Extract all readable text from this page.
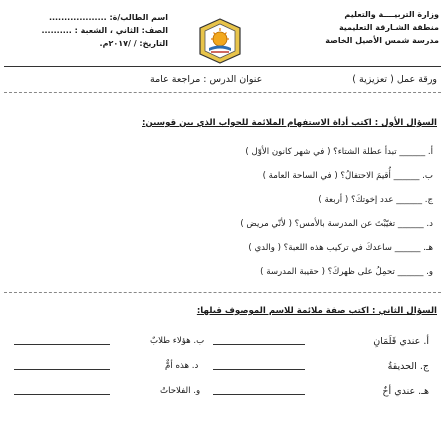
وزارة التربيــــة والتعليم
منطقة الشـارقة التعليمية
مدرسة شمس الأصيل الخاصة
اسم الطالب/ة: ...................
الصف: الثاني ، الشعبة : ..........
التاريخ: / /٢٠١٧م.
ورقة عمل ( تعزيزية )
عنوان الدرس : مراجعة عامة
السؤال الأول : اكتب أداة الاستفهام الملائمة للجواب الذي بين قوسين:
أ. ______ تبدأ عطلة الشتاء؟ ( في شهر كانون الأوّل )
ب. ______ أُقيمَ الاحتفالُ؟ ( في الساحة العامة )
ج. ______ عدد إخوتكَ؟ ( أربعة )
د. ______ تغيّبْتَ عن المدرسة بالأمس؟ ( لأنّي مريض )
هـ. ______ ساعدكَ في تركيب هذه اللعبة؟ ( والدي )
و. ______ تحمِلُ على ظهركَ؟ ( حقيبة المدرسة )
السؤال الثاني : اكتب صفة ملائمة للاسم الموصوف قبلها:
أ. عندي قَلَمَانِ
ج. الحديقةُ
هـ. عندي أخٌ
ب. هؤلاء طلابٌ
د. هذه أمٌّ
و. الفلاحاتُ
